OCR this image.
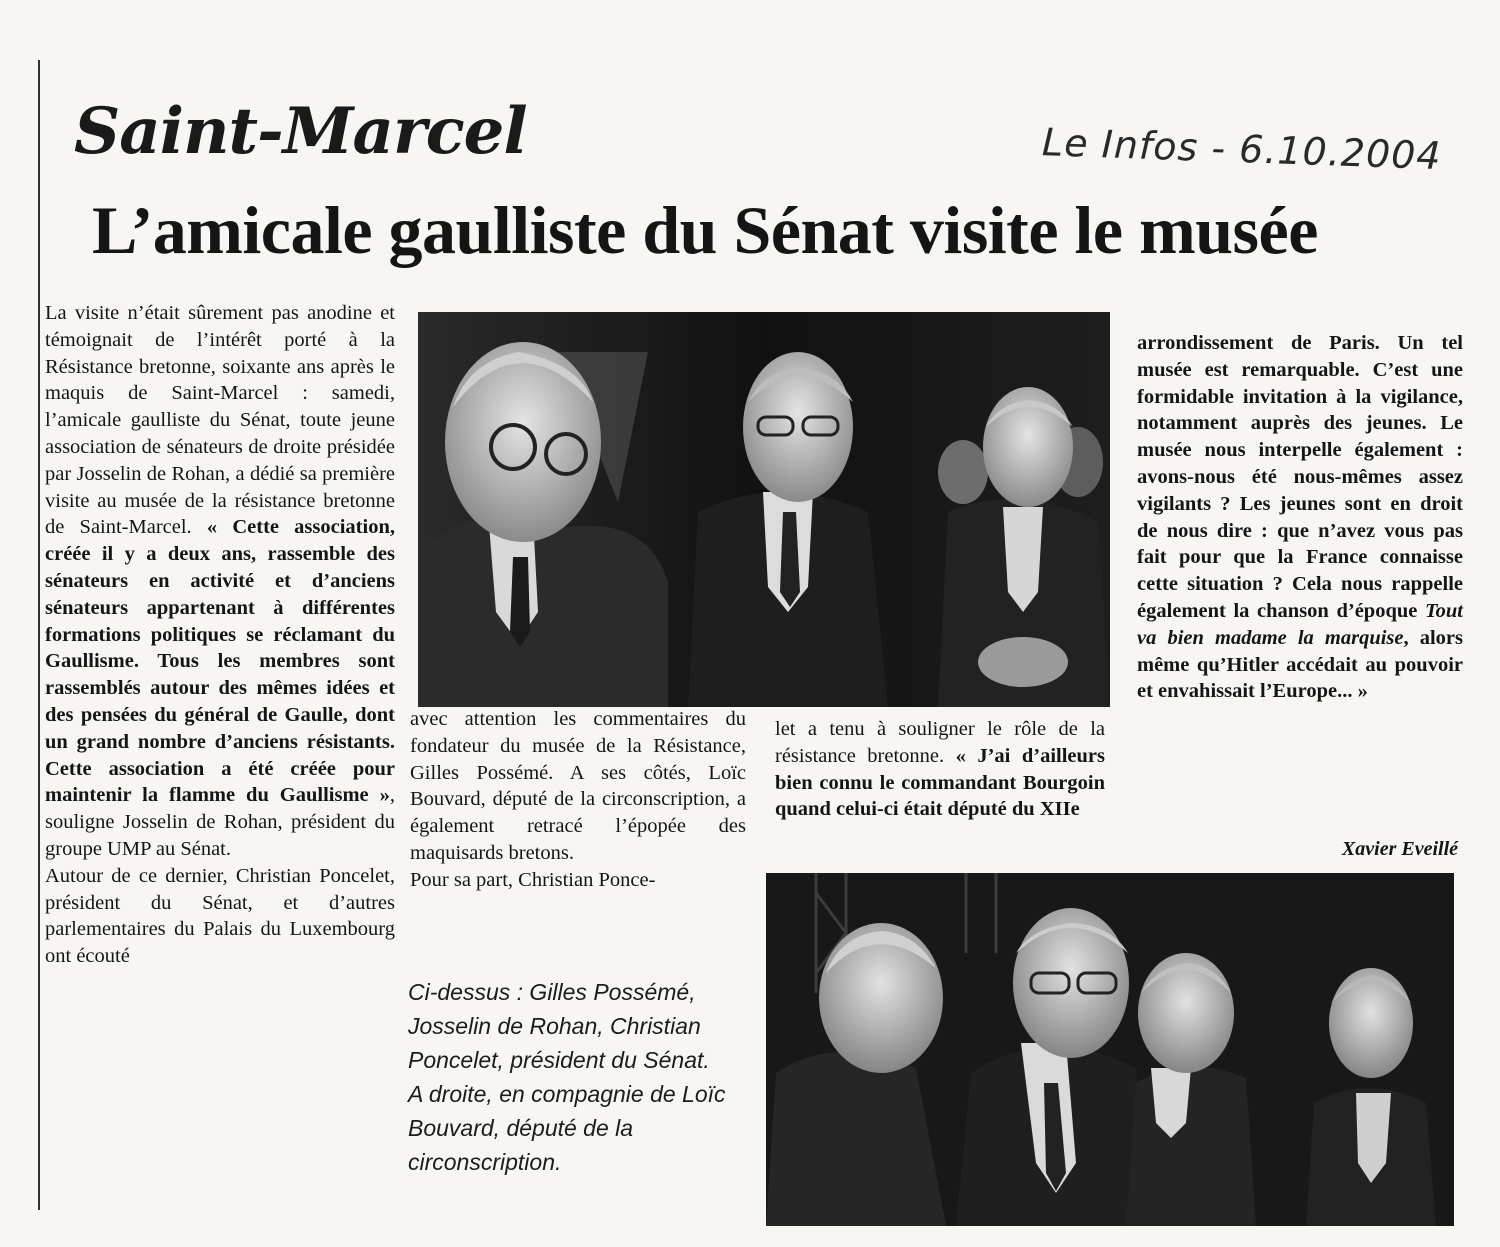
Saint-Marcel	Le Infos - 6.10.2004
L’amicale gaulliste du Sénat visite le musée

La visite n’était sûrement pas anodine et témoignait de l’intérêt porté à la Résistance bretonne, soixante ans après le maquis de Saint-Marcel : samedi, l’amicale gaulliste du Sénat, toute jeune association de sénateurs de droite présidée par Josselin de Rohan, a dédié sa première visite au musée de la résistance bretonne de Saint-Marcel. « Cette association, créée il y a deux ans, rassemble des sénateurs en activité et d’anciens sénateurs appartenant à différentes formations politiques se réclamant du Gaullisme. Tous les membres sont rassemblés autour des mêmes idées et des pensées du général de Gaulle, dont un grand nombre d’anciens résistants. Cette association a été créée pour maintenir la flamme du Gaullisme », souligne Josselin de Rohan, président du groupe UMP au Sénat.

Autour de ce dernier, Christian Poncelet, président du Sénat, et d’autres parlementaires du Palais du Luxembourg ont écouté

avec attention les commentaires du fondateur du musée de la Résistance, Gilles Possémé. A ses côtés, Loïc Bouvard, député de la circonscription, a également retracé l’épopée des maquisards bretons.

Pour sa part, Christian Ponce-

Ci-dessus : Gilles Possémé, Josselin de Rohan, Christian Poncelet, président du Sénat.

A droite, en compagnie de Loïc Bouvard, député de la circonscription.

let a tenu à souligner le rôle de la résistance bretonne. « J’ai d’ailleurs bien connu le commandant Bourgoin quand celui-ci était député du XIIe

arrondissement de Paris. Un tel musée est remarquable. C’est une formidable invitation à la vigilance, notamment auprès des jeunes. Le musée nous interpelle également : avons-nous été nous-mêmes assez vigilants ? Les jeunes sont en droit de nous dire : que n’avez vous pas fait pour que la France connaisse cette situation ? Cela nous rappelle également la chanson d’époque Tout va bien madame la marquise, alors même qu’Hitler accédait au pouvoir et envahissait l’Europe... »

Xavier Eveillé
